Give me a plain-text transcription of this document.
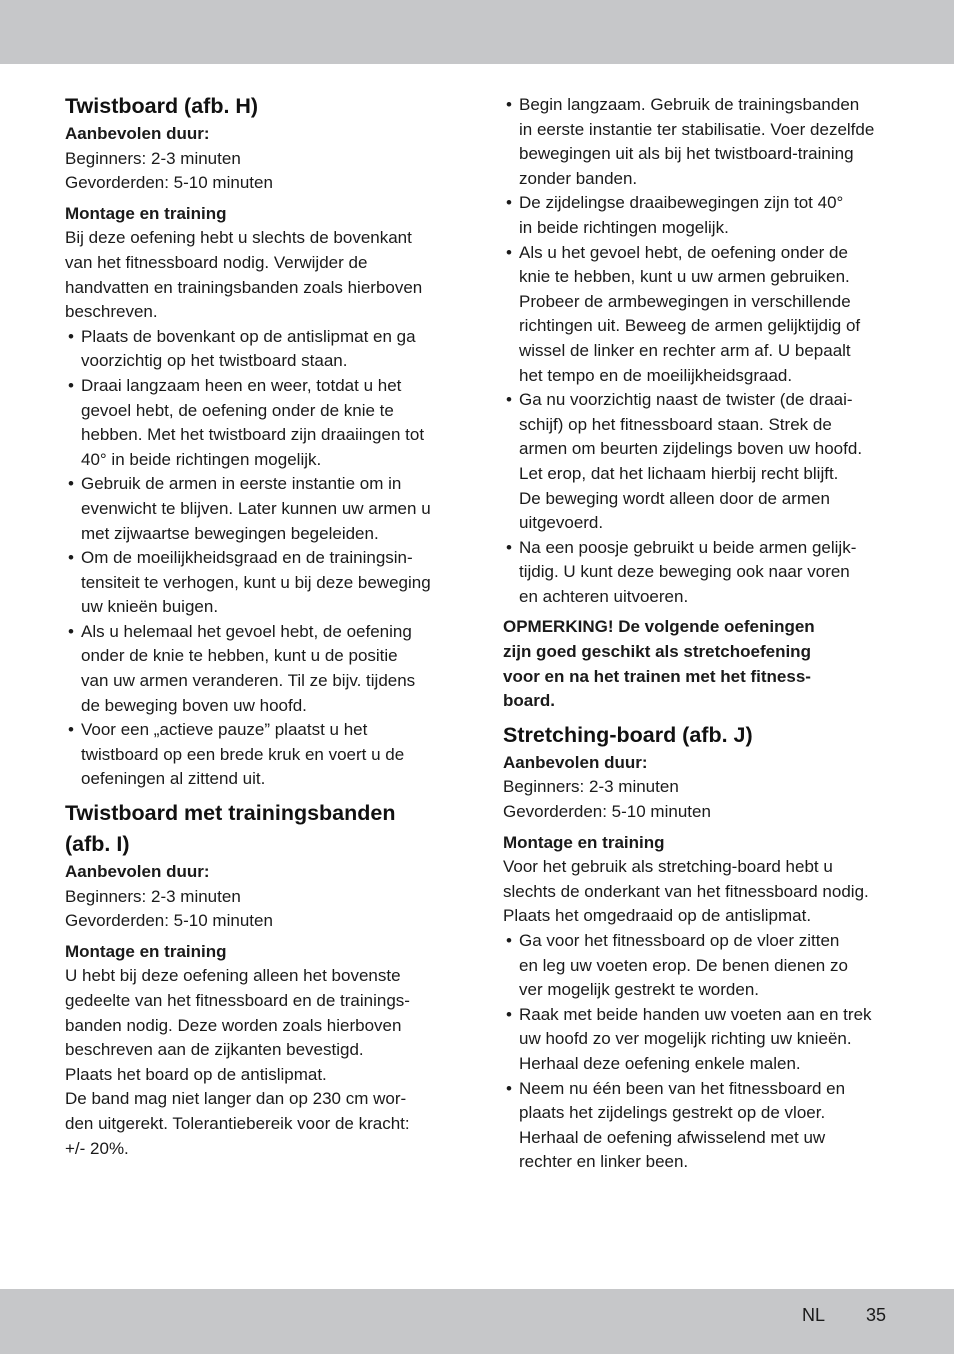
Twistboard (afb. H)
Aanbevolen duur:
Beginners: 2-3 minuten
Gevorderden: 5-10 minuten
Montage en training
Bij deze oefening hebt u slechts de bovenkant
van het fitnessboard nodig. Verwijder de
handvatten en trainingsbanden zoals hierboven
beschreven.
• Plaats de bovenkant op de antislipmat en ga
voorzichtig op het twistboard staan.
• Draai langzaam heen en weer, totdat u het
gevoel hebt, de oefening onder de knie te
hebben. Met het twistboard zijn draaiingen tot
40° in beide richtingen mogelijk.
• Gebruik de armen in eerste instantie om in
evenwicht te blijven. Later kunnen uw armen u
met zijwaartse bewegingen begeleiden.
• Om de moeilijkheidsgraad en de trainingsin-
tensiteit te verhogen, kunt u bij deze beweging
uw knieën buigen.
• Als u helemaal het gevoel hebt, de oefening
onder de knie te hebben, kunt u de positie
van uw armen veranderen. Til ze bijv. tijdens
de beweging boven uw hoofd.
• Voor een „actieve pauze” plaatst u het
twistboard op een brede kruk en voert u de
oefeningen al zittend uit.
Twistboard met trainingsbanden
(afb. I)
Aanbevolen duur:
Beginners: 2-3 minuten
Gevorderden: 5-10 minuten
Montage en training
U hebt bij deze oefening alleen het bovenste
gedeelte van het fitnessboard en de trainings-
banden nodig. Deze worden zoals hierboven
beschreven aan de zijkanten bevestigd.
Plaats het board op de antislipmat.
De band mag niet langer dan op 230 cm wor-
den uitgerekt. Tolerantiebereik voor de kracht:
+/- 20%.
• Begin langzaam. Gebruik de trainingsbanden
in eerste instantie ter stabilisatie. Voer dezelfde
bewegingen uit als bij het twistboard-training
zonder banden.
• De zijdelingse draaibewegingen zijn tot 40°
in beide richtingen mogelijk.
• Als u het gevoel hebt, de oefening onder de
knie te hebben, kunt u uw armen gebruiken.
Probeer de armbewegingen in verschillende
richtingen uit. Beweeg de armen gelijktijdig of
wissel de linker en rechter arm af. U bepaalt
het tempo en de moeilijkheidsgraad.
• Ga nu voorzichtig naast de twister (de draai-
schijf) op het fitnessboard staan. Strek de
armen om beurten zijdelings boven uw hoofd.
Let erop, dat het lichaam hierbij recht blijft.
De beweging wordt alleen door de armen
uitgevoerd.
• Na een poosje gebruikt u beide armen gelijk-
tijdig. U kunt deze beweging ook naar voren
en achteren uitvoeren.
OPMERKING! De volgende oefeningen
zijn goed geschikt als stretchoefening
voor en na het trainen met het fitness-
board.
Stretching-board (afb. J)
Aanbevolen duur:
Beginners: 2-3 minuten
Gevorderden: 5-10 minuten
Montage en training
Voor het gebruik als stretching-board hebt u
slechts de onderkant van het fitnessboard nodig.
Plaats het omgedraaid op de antislipmat.
• Ga voor het fitnessboard op de vloer zitten
en leg uw voeten erop. De benen dienen zo
ver mogelijk gestrekt te worden.
• Raak met beide handen uw voeten aan en trek
uw hoofd zo ver mogelijk richting uw knieën.
Herhaal deze oefening enkele malen.
• Neem nu één been van het fitnessboard en
plaats het zijdelings gestrekt op de vloer.
Herhaal de oefening afwisselend met uw
rechter en linker been.
NL 35
